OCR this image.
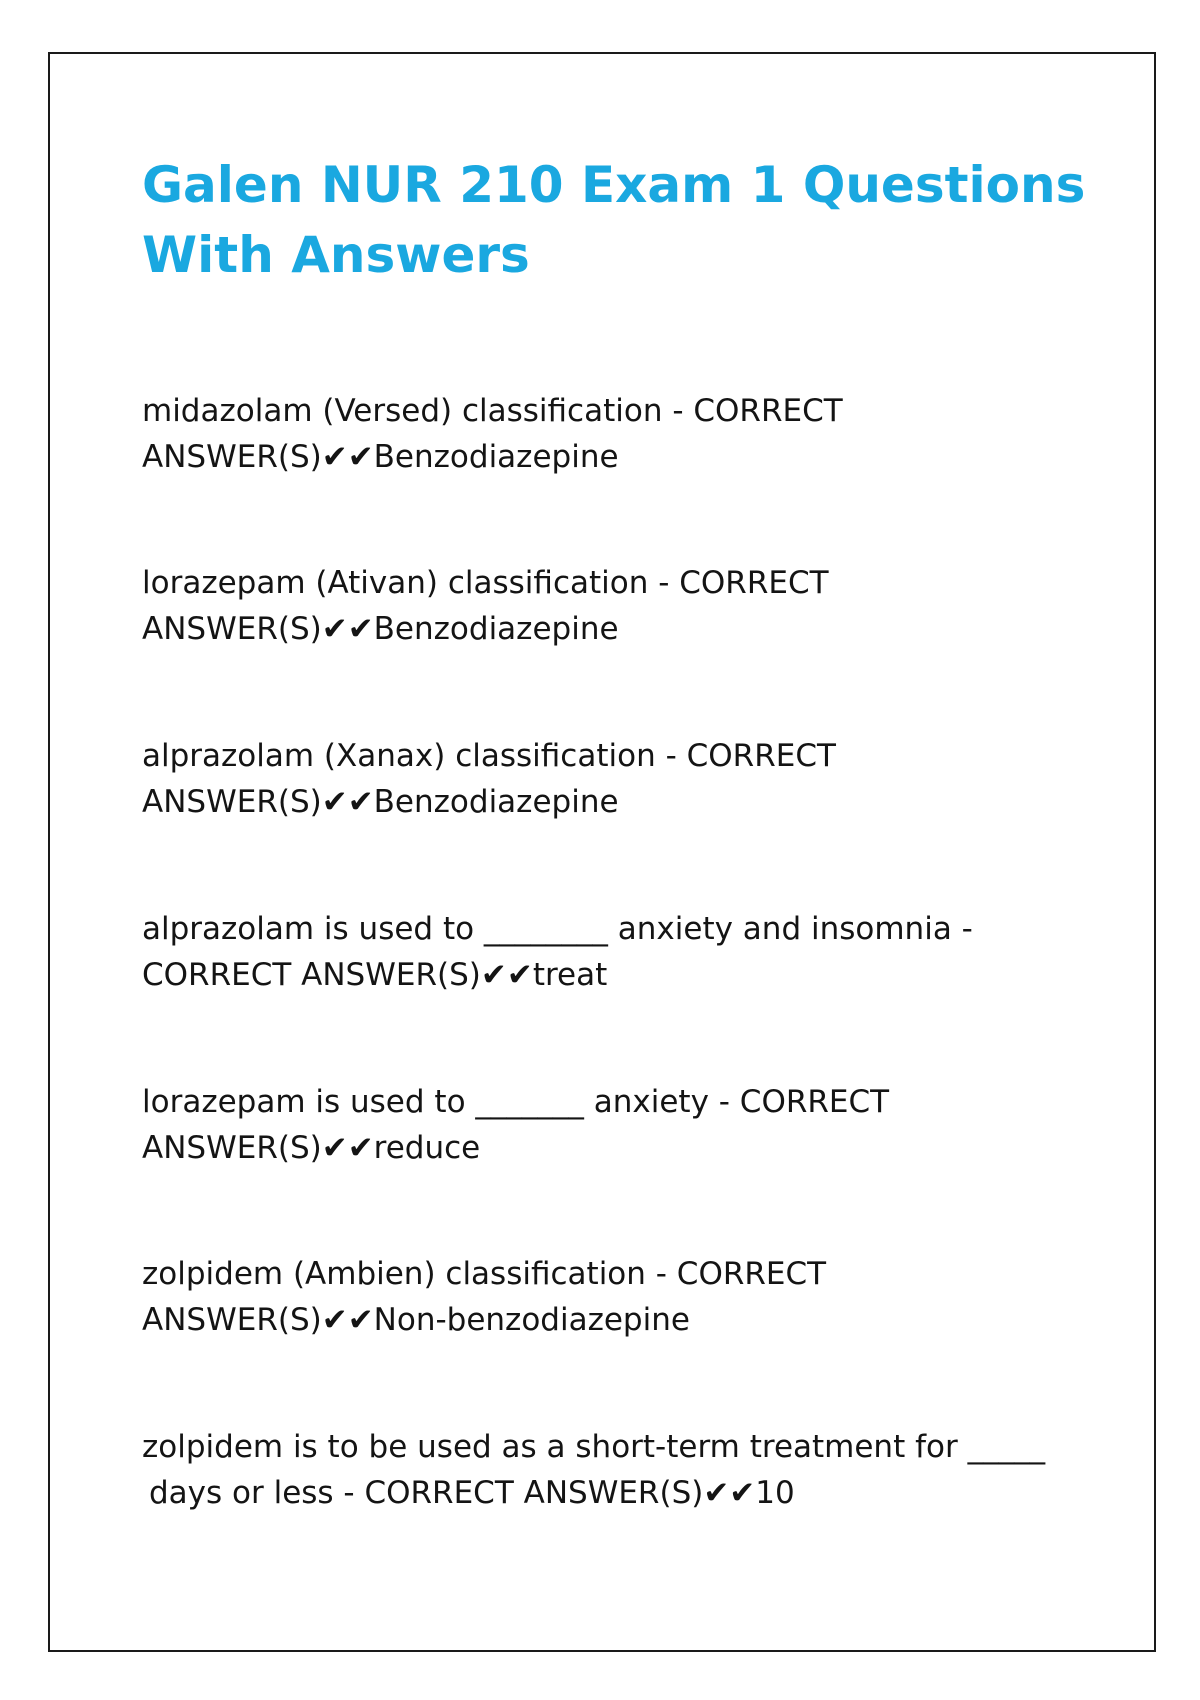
Galen NUR 210 Exam 1 Questions
With Answers

midazolam (Versed) classification - CORRECT
ANSWER(S)✔✔Benzodiazepine

lorazepam (Ativan) classification - CORRECT
ANSWER(S)✔✔Benzodiazepine

alprazolam (Xanax) classification - CORRECT
ANSWER(S)✔✔Benzodiazepine

alprazolam is used to ________ anxiety and insomnia -
CORRECT ANSWER(S)✔✔treat

lorazepam is used to _______ anxiety - CORRECT
ANSWER(S)✔✔reduce

zolpidem (Ambien) classification - CORRECT
ANSWER(S)✔✔Non-benzodiazepine

zolpidem is to be used as a short-term treatment for _____
days or less - CORRECT ANSWER(S)✔✔10
